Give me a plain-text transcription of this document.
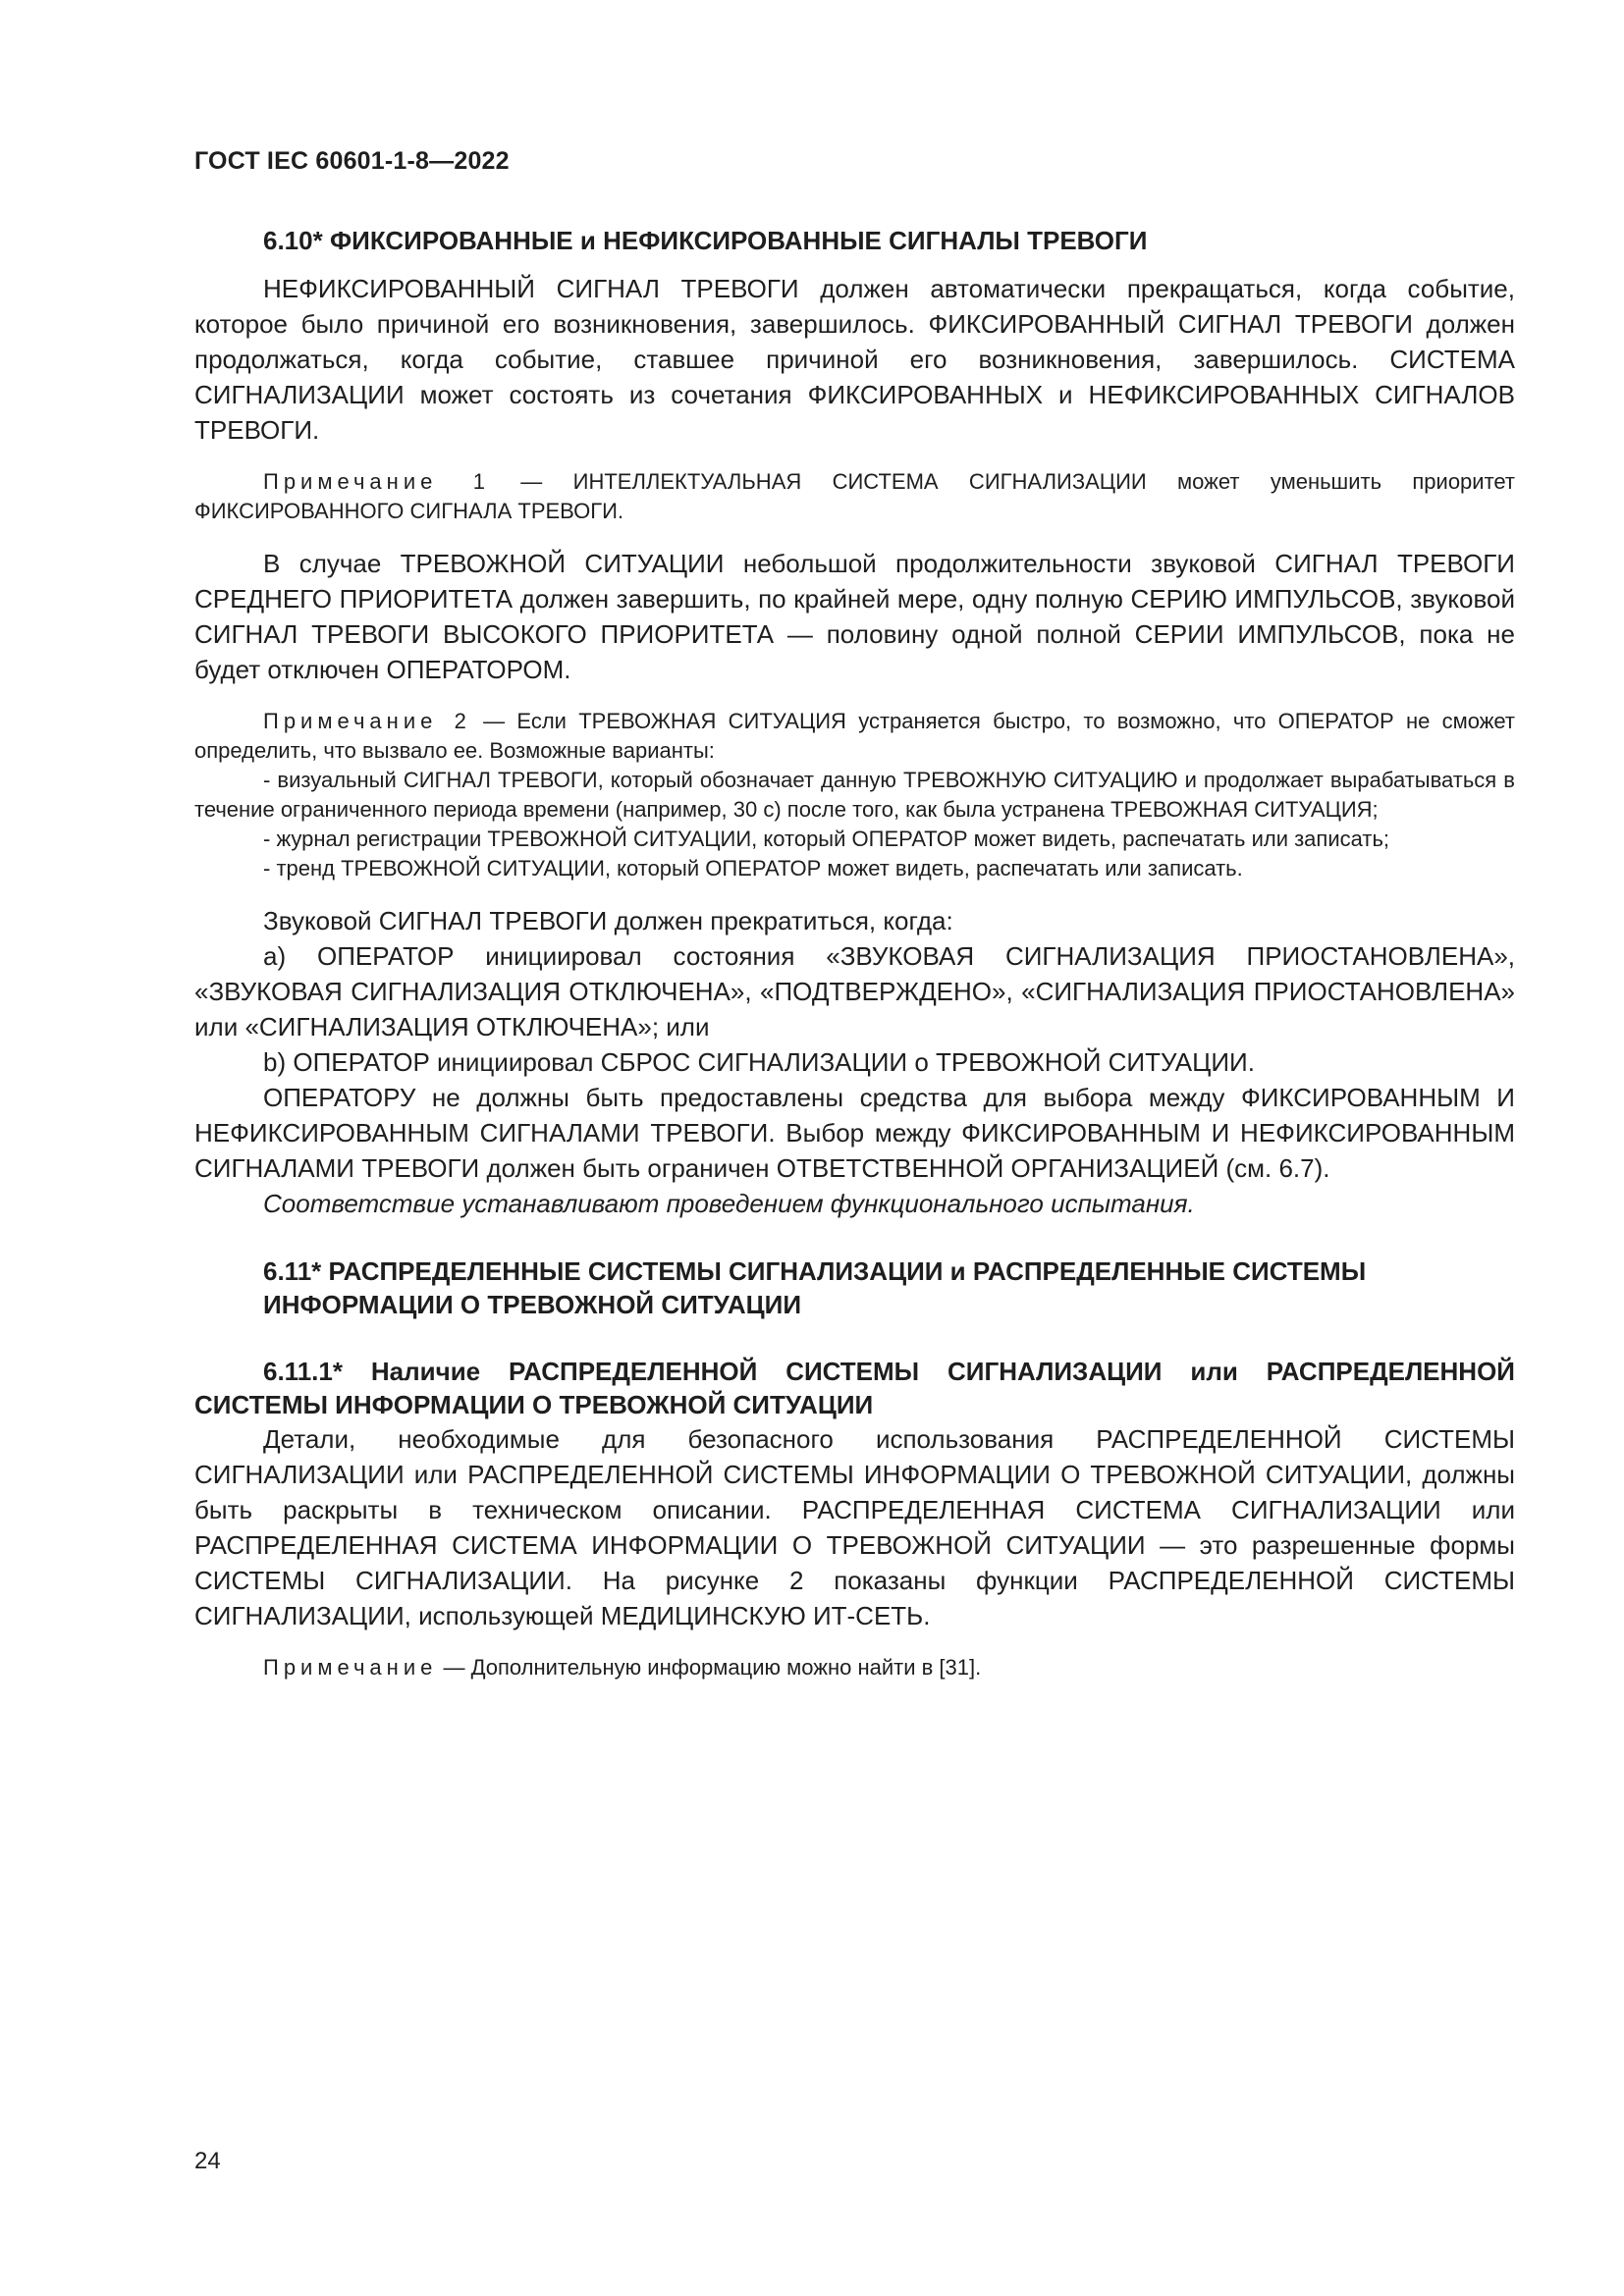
ГОСТ IEC 60601-1-8—2022

6.10* ФИКСИРОВАННЫЕ и НЕФИКСИРОВАННЫЕ СИГНАЛЫ ТРЕВОГИ

НЕФИКСИРОВАННЫЙ СИГНАЛ ТРЕВОГИ должен автоматически прекращаться, когда событие, которое было причиной его возникновения, завершилось. ФИКСИРОВАННЫЙ СИГНАЛ ТРЕВОГИ должен продолжаться, когда событие, ставшее причиной его возникновения, завершилось. СИСТЕМА СИГНАЛИЗАЦИИ может состоять из сочетания ФИКСИРОВАННЫХ и НЕФИКСИРОВАННЫХ СИГНАЛОВ ТРЕВОГИ.

Примечание 1 — ИНТЕЛЛЕКТУАЛЬНАЯ СИСТЕМА СИГНАЛИЗАЦИИ может уменьшить приоритет ФИКСИРОВАННОГО СИГНАЛА ТРЕВОГИ.

В случае ТРЕВОЖНОЙ СИТУАЦИИ небольшой продолжительности звуковой СИГНАЛ ТРЕВОГИ СРЕДНЕГО ПРИОРИТЕТА должен завершить, по крайней мере, одну полную СЕРИЮ ИМПУЛЬСОВ, звуковой СИГНАЛ ТРЕВОГИ ВЫСОКОГО ПРИОРИТЕТА — половину одной полной СЕРИИ ИМПУЛЬСОВ, пока не будет отключен ОПЕРАТОРОМ.

Примечание 2 — Если ТРЕВОЖНАЯ СИТУАЦИЯ устраняется быстро, то возможно, что ОПЕРАТОР не сможет определить, что вызвало ее. Возможные варианты:

- визуальный СИГНАЛ ТРЕВОГИ, который обозначает данную ТРЕВОЖНУЮ СИТУАЦИЮ и продолжает вырабатываться в течение ограниченного периода времени (например, 30 с) после того, как была устранена ТРЕВОЖНАЯ СИТУАЦИЯ;

- журнал регистрации ТРЕВОЖНОЙ СИТУАЦИИ, который ОПЕРАТОР может видеть, распечатать или записать;

- тренд ТРЕВОЖНОЙ СИТУАЦИИ, который ОПЕРАТОР может видеть, распечатать или записать.

Звуковой СИГНАЛ ТРЕВОГИ должен прекратиться, когда:

a) ОПЕРАТОР инициировал состояния «ЗВУКОВАЯ СИГНАЛИЗАЦИЯ ПРИОСТАНОВЛЕНА», «ЗВУКОВАЯ СИГНАЛИЗАЦИЯ ОТКЛЮЧЕНА», «ПОДТВЕРЖДЕНО», «СИГНАЛИЗАЦИЯ ПРИОСТАНОВЛЕНА» или «СИГНАЛИЗАЦИЯ ОТКЛЮЧЕНА»; или

b) ОПЕРАТОР инициировал СБРОС СИГНАЛИЗАЦИИ о ТРЕВОЖНОЙ СИТУАЦИИ.

ОПЕРАТОРУ не должны быть предоставлены средства для выбора между ФИКСИРОВАННЫМ И НЕФИКСИРОВАННЫМ СИГНАЛАМИ ТРЕВОГИ. Выбор между ФИКСИРОВАННЫМ И НЕФИКСИРОВАННЫМ СИГНАЛАМИ ТРЕВОГИ должен быть ограничен ОТВЕТСТВЕННОЙ ОРГАНИЗАЦИЕЙ (см. 6.7).

Соответствие устанавливают проведением функционального испытания.

6.11* РАСПРЕДЕЛЕННЫЕ СИСТЕМЫ СИГНАЛИЗАЦИИ и РАСПРЕДЕЛЕННЫЕ СИСТЕМЫ
ИНФОРМАЦИИ О ТРЕВОЖНОЙ СИТУАЦИИ

6.11.1* Наличие РАСПРЕДЕЛЕННОЙ СИСТЕМЫ СИГНАЛИЗАЦИИ или РАСПРЕДЕЛЕННОЙ СИСТЕМЫ ИНФОРМАЦИИ О ТРЕВОЖНОЙ СИТУАЦИИ

Детали, необходимые для безопасного использования РАСПРЕДЕЛЕННОЙ СИСТЕМЫ СИГНАЛИЗАЦИИ или РАСПРЕДЕЛЕННОЙ СИСТЕМЫ ИНФОРМАЦИИ О ТРЕВОЖНОЙ СИТУАЦИИ, должны быть раскрыты в техническом описании. РАСПРЕДЕЛЕННАЯ СИСТЕМА СИГНАЛИЗАЦИИ или РАСПРЕДЕЛЕННАЯ СИСТЕМА ИНФОРМАЦИИ О ТРЕВОЖНОЙ СИТУАЦИИ — это разрешенные формы СИСТЕМЫ СИГНАЛИЗАЦИИ. На рисунке 2 показаны функции РАСПРЕДЕЛЕННОЙ СИСТЕМЫ СИГНАЛИЗАЦИИ, использующей МЕДИЦИНСКУЮ ИТ-СЕТЬ.

Примечание — Дополнительную информацию можно найти в [31].

24
